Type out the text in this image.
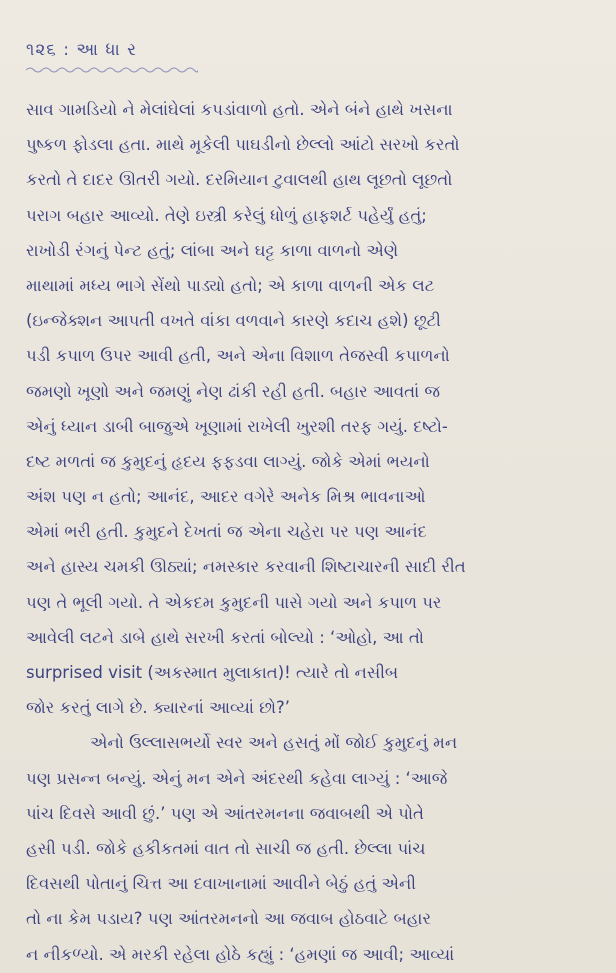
૧૨૬ : આ ધા ર
સાવ ગામડિયો ને મેલાંઘેલાં કપડાંવાળો હતો. એને બંને હાથે ખસના
પુષ્કળ ફોડલા હતા. માથે મૂકેલી પાઘડીનો છેલ્લો આંટો સરખો કરતો
કરતો તે દાદર ઊતરી ગયો. દરમિયાન ટુવાલથી હાથ લૂછતો લૂછતો
પરાગ બહાર આવ્યો. તેણે ઇસ્ત્રી કરેલું ધોળું હાફશર્ટ પહેર્યું હતું;
રાખોડી રંગનું પેન્ટ હતું; લાંબા અને ઘટ્ટ કાળા વાળનો એણે
માથામાં મધ્ય ભાગે સેંથો પાડ્યો હતો; એ કાળા વાળની એક લટ
(ઇન્જેક્શન આપતી વખતે વાંકા વળવાને કારણે કદાચ હશે) છૂટી
પડી કપાળ ઉપર આવી હતી, અને એના વિશાળ તેજસ્વી કપાળનો
જમણો ખૂણો અને જમણું નેણ ઢાંકી રહી હતી. બહાર આવતાં જ
એનું ધ્યાન ડાબી બાજુએ ખૂણામાં રાખેલી ખુરશી તરફ ગયું. દષ્ટો-
દષ્ટ મળતાં જ કુમુદનું હૃદય ફફડવા લાગ્યું. જોકે એમાં ભયનો
અંશ પણ ન હતો; આનંદ, આદર વગેરે અનેક મિશ્ર ભાવનાઓ
એમાં ભરી હતી. કુમુદને દેખતાં જ એના ચહેરા પર પણ આનંદ
અને હાસ્ય ચમકી ઊઠ્યાં; નમસ્કાર કરવાની શિષ્ટાચારની સાદી રીત
પણ તે ભૂલી ગયો. તે એકદમ કુમુદની પાસે ગયો અને કપાળ પર
આવેલી લટને ડાબે હાથે સરખી કરતાં બોલ્યો : ‘ઓહો, આ તો
surprised visit (અકસ્માત મુલાકાત)! ત્યારે તો નસીબ
જોર કરતું લાગે છે. ક્યારનાં આવ્યાં છો?’
એનો ઉલ્લાસભર્યો સ્વર અને હસતું મોં જોઈ કુમુદનું મન
પણ પ્રસન્ન બન્યું. એનું મન એને અંદરથી કહેવા લાગ્યું : ‘આજે
પાંચ દિવસે આવી છું.’ પણ એ આંતરમનના જવાબથી એ પોતે
હસી પડી. જોકે હકીકતમાં વાત તો સાચી જ હતી. છેલ્લા પાંચ
દિવસથી પોતાનું ચિત્ત આ દવાખાનામાં આવીને બેઠું હતું એની
તો ના કેમ પડાય? પણ આંતરમનનો આ જવાબ હોઠવાટે બહાર
ન નીકળ્યો. એ મરકી રહેલા હોઠે કહ્યું : ‘હમણાં જ આવી; આવ્યાં
